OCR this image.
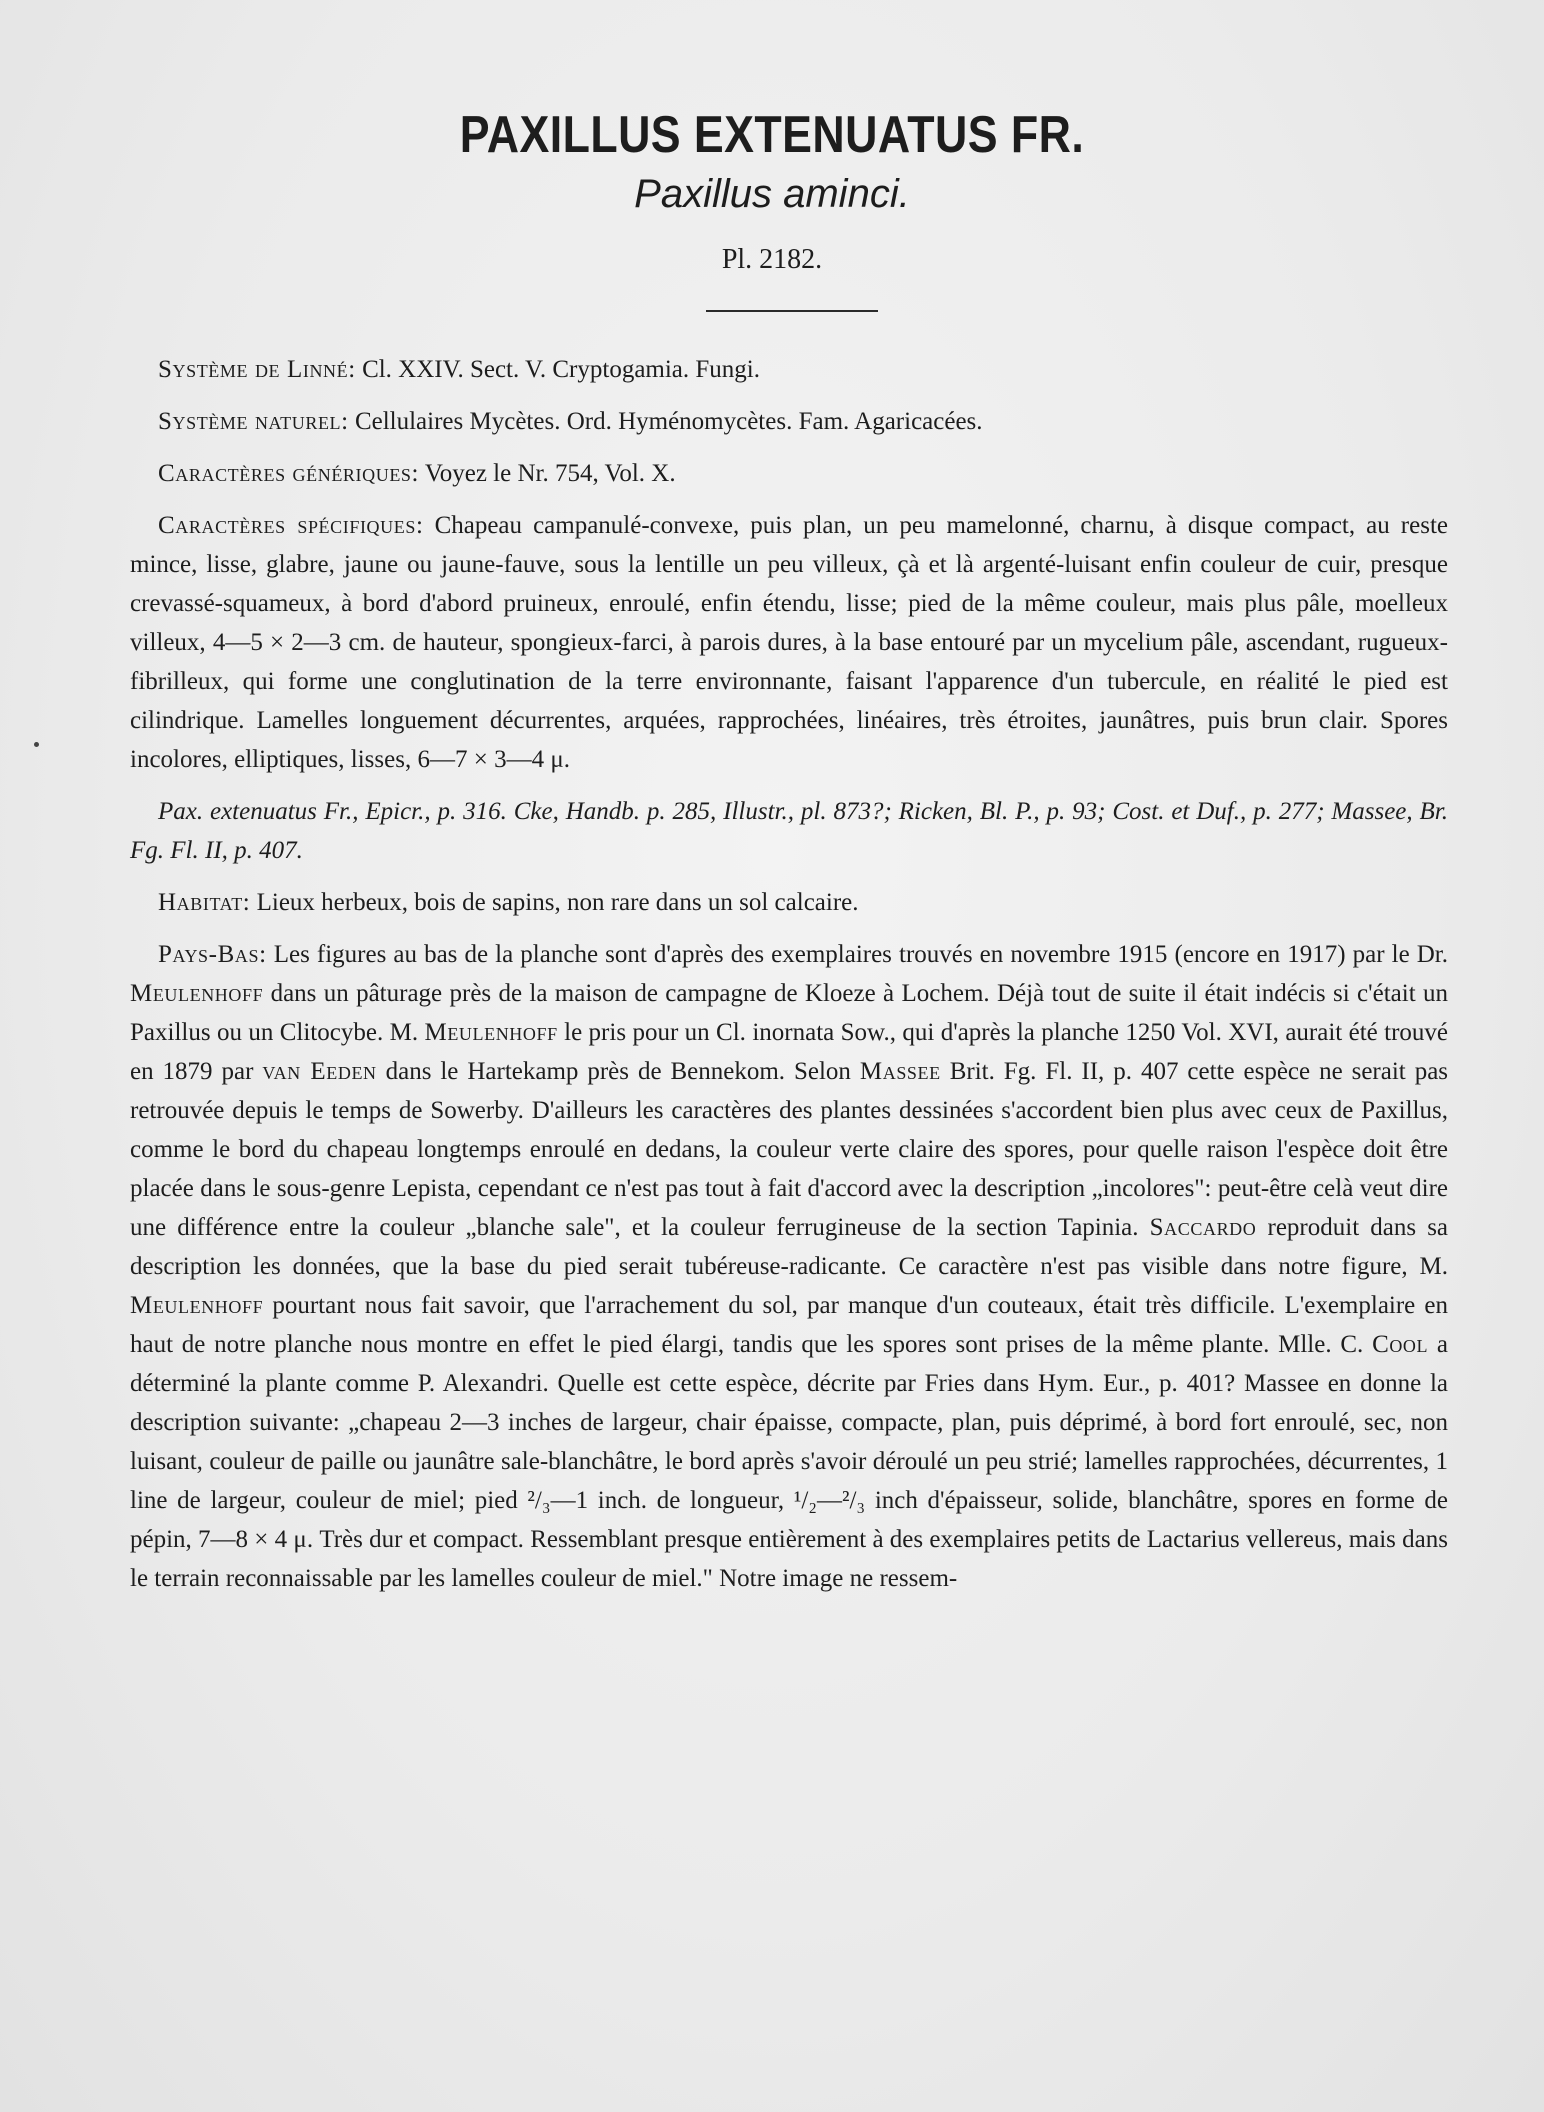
PAXILLUS EXTENUATUS FR.
Paxillus aminci.
Pl. 2182.

Système de Linné: Cl. XXIV. Sect. V. Cryptogamia. Fungi.

Système naturel: Cellulaires Mycètes. Ord. Hyménomycètes. Fam. Agaricacées.

Caractères génériques: Voyez le Nr. 754, Vol. X.

Caractères spécifiques: Chapeau campanulé-convexe, puis plan, un peu mamelonné, charnu, à disque compact, au reste mince, lisse, glabre, jaune ou jaune-fauve, sous la lentille un peu villeux, çà et là argenté-luisant enfin couleur de cuir, presque crevassé-squameux, à bord d'abord pruineux, enroulé, enfin étendu, lisse; pied de la même couleur, mais plus pâle, moelleux villeux, 4—5 × 2—3 cm. de hauteur, spongieux-farci, à parois dures, à la base entouré par un mycelium pâle, ascendant, rugueux-fibrilleux, qui forme une conglutination de la terre environnante, faisant l'apparence d'un tubercule, en réalité le pied est cilindrique. Lamelles longuement décurrentes, arquées, rapprochées, linéaires, très étroites, jaunâtres, puis brun clair. Spores incolores, elliptiques, lisses, 6—7 × 3—4 μ.

Pax. extenuatus Fr., Epicr., p. 316. Cke, Handb. p. 285, Illustr., pl. 873?; Ricken, Bl. P., p. 93; Cost. et Duf., p. 277; Massee, Br. Fg. Fl. II, p. 407.

Habitat: Lieux herbeux, bois de sapins, non rare dans un sol calcaire.

Pays-Bas: Les figures au bas de la planche sont d'après des exemplaires trouvés en novembre 1915 (encore en 1917) par le Dr. Meulenhoff dans un pâturage près de la maison de campagne de Kloeze à Lochem. Déjà tout de suite il était indécis si c'était un Paxillus ou un Clitocybe. M. Meulenhoff le pris pour un Cl. inornata Sow., qui d'après la planche 1250 Vol. XVI, aurait été trouvé en 1879 par van Eeden dans le Hartekamp près de Bennekom. Selon Massee Brit. Fg. Fl. II, p. 407 cette espèce ne serait pas retrouvée depuis le temps de Sowerby. D'ailleurs les caractères des plantes dessinées s'accordent bien plus avec ceux de Paxillus, comme le bord du chapeau longtemps enroulé en dedans, la couleur verte claire des spores, pour quelle raison l'espèce doit être placée dans le sous-genre Lepista, cependant ce n'est pas tout à fait d'accord avec la description „incolores": peut-être celà veut dire une différence entre la couleur „blanche sale", et la couleur ferrugineuse de la section Tapinia. Saccardo reproduit dans sa description les données, que la base du pied serait tubéreuse-radicante. Ce caractère n'est pas visible dans notre figure, M. Meulenhoff pourtant nous fait savoir, que l'arrachement du sol, par manque d'un couteaux, était très difficile. L'exemplaire en haut de notre planche nous montre en effet le pied élargi, tandis que les spores sont prises de la même plante. Mlle. C. Cool a déterminé la plante comme P. Alexandri. Quelle est cette espèce, décrite par Fries dans Hym. Eur., p. 401? Massee en donne la description suivante: „chapeau 2—3 inches de largeur, chair épaisse, compacte, plan, puis déprimé, à bord fort enroulé, sec, non luisant, couleur de paille ou jaunâtre sale-blanchâtre, le bord après s'avoir déroulé un peu strié; lamelles rapprochées, décurrentes, 1 line de largeur, couleur de miel; pied ²/₃—1 inch. de longueur, ¹/₂—²/₃ inch d'épaisseur, solide, blanchâtre, spores en forme de pépin, 7—8 × 4 μ. Très dur et compact. Ressemblant presque entièrement à des exemplaires petits de Lactarius vellereus, mais dans le terrain reconnaissable par les lamelles couleur de miel." Notre image ne ressem-
